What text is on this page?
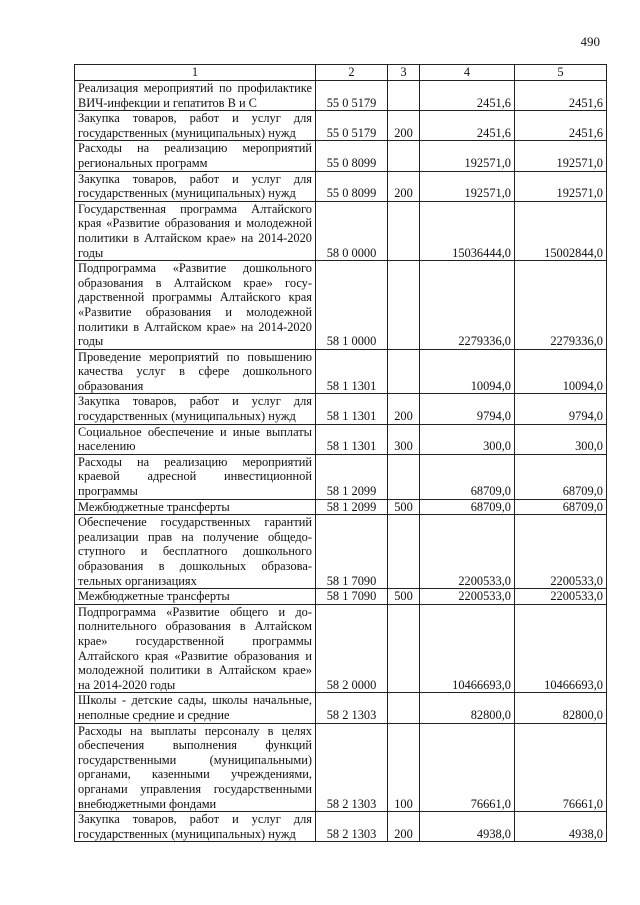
490
1	2	3	4	5
Реализация мероприятий по профилактике ВИЧ-инфекции и гепатитов В и С	55 0 5179		2451,6	2451,6
Закупка товаров, работ и услуг для государственных (муниципальных) нужд	55 0 5179	200	2451,6	2451,6
Расходы на реализацию мероприятий региональных программ	55 0 8099		192571,0	192571,0
Закупка товаров, работ и услуг для государственных (муниципальных) нужд	55 0 8099	200	192571,0	192571,0
Государственная программа Алтайского края «Развитие образования и молодежной политики в Алтайском крае» на 2014-2020 годы	58 0 0000		15036444,0	15002844,0
Подпрограмма «Развитие дошкольного образования в Алтайском крае» государственной программы Алтайского края «Развитие образования и молодежной политики в Алтайском крае» на 2014-2020 годы	58 1 0000		2279336,0	2279336,0
Проведение мероприятий по повышению качества услуг в сфере дошкольного образования	58 1 1301		10094,0	10094,0
Закупка товаров, работ и услуг для государственных (муниципальных) нужд	58 1 1301	200	9794,0	9794,0
Социальное обеспечение и иные выплаты населению	58 1 1301	300	300,0	300,0
Расходы на реализацию мероприятий краевой адресной инвестиционной программы	58 1 2099		68709,0	68709,0
Межбюджетные трансферты	58 1 2099	500	68709,0	68709,0
Обеспечение государственных гарантий реализации прав на получение общедоступного и бесплатного дошкольного образования в дошкольных образовательных организациях	58 1 7090		2200533,0	2200533,0
Межбюджетные трансферты	58 1 7090	500	2200533,0	2200533,0
Подпрограмма «Развитие общего и дополнительного образования в Алтайском крае» государственной программы Алтайского края «Развитие образования и молодежной политики в Алтайском крае» на 2014-2020 годы	58 2 0000		10466693,0	10466693,0
Школы - детские сады, школы начальные, неполные средние и средние	58 2 1303		82800,0	82800,0
Расходы на выплаты персоналу в целях обеспечения выполнения функций государственными (муниципальными) органами, казенными учреждениями, органами управления государственными внебюджетными фондами	58 2 1303	100	76661,0	76661,0
Закупка товаров, работ и услуг для государственных (муниципальных) нужд	58 2 1303	200	4938,0	4938,0
